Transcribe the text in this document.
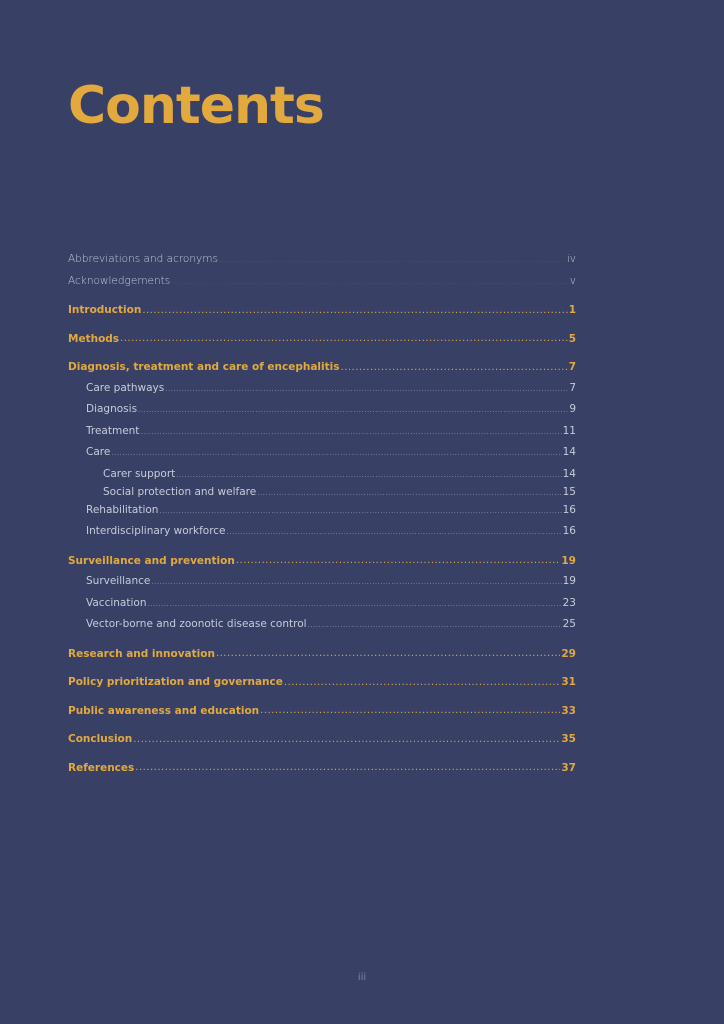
Contents
Abbreviations and acronyms .....	iv
Acknowledgements .....	v
Introduction .....	1
Methods .....	5
Diagnosis, treatment and care of encephalitis .....	7
Care pathways .....	7
Diagnosis .....	9
Treatment .....	11
Care .....	14
Carer support .....	14
Social protection and welfare .....	15
Rehabilitation .....	16
Interdisciplinary workforce .....	16
Surveillance and prevention .....	19
Surveillance .....	19
Vaccination .....	23
Vector-borne and zoonotic disease control .....	25
Research and innovation .....	29
Policy prioritization and governance .....	31
Public awareness and education .....	33
Conclusion .....	35
References .....	37
iii
